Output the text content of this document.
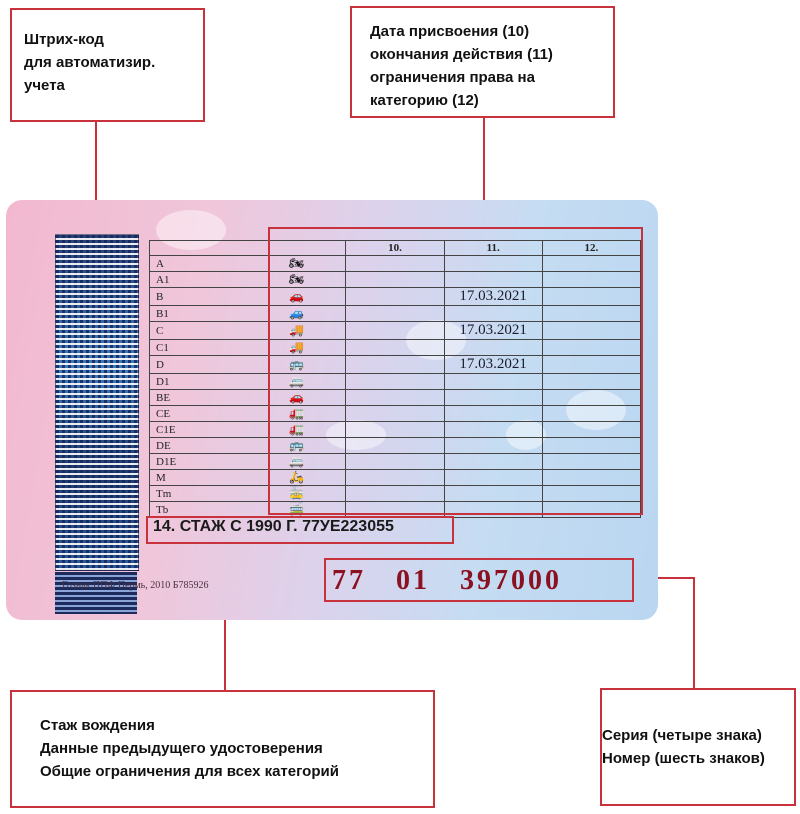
Штрих-код
для автоматизир.
учета
Дата присвоения (10)
окончания действия (11)
ограничения права на
категорию (12)
Стаж вождения
Данные предыдущего удостоверения
Общие ограничения для всех категорий
Серия (четыре знака)
Номер (шесть знаков)
		10.	11.	12.
A	🏍			
A1	🏍			
B	🚗		17.03.2021	
B1	🚙			
C	🚚		17.03.2021	
C1	🚚			
D	🚌		17.03.2021	
D1	🚐			
BE	🚗			
CE	🚛			
C1E	🚛			
DE	🚌			
D1E	🚐			
M	🛵			
Tm	🚋			
Tb	🚎			
14. СТАЖ С 1990 Г. 77УЕ223055
Гознак ППФ Пермь, 2010 Б785926	77   01   397000
